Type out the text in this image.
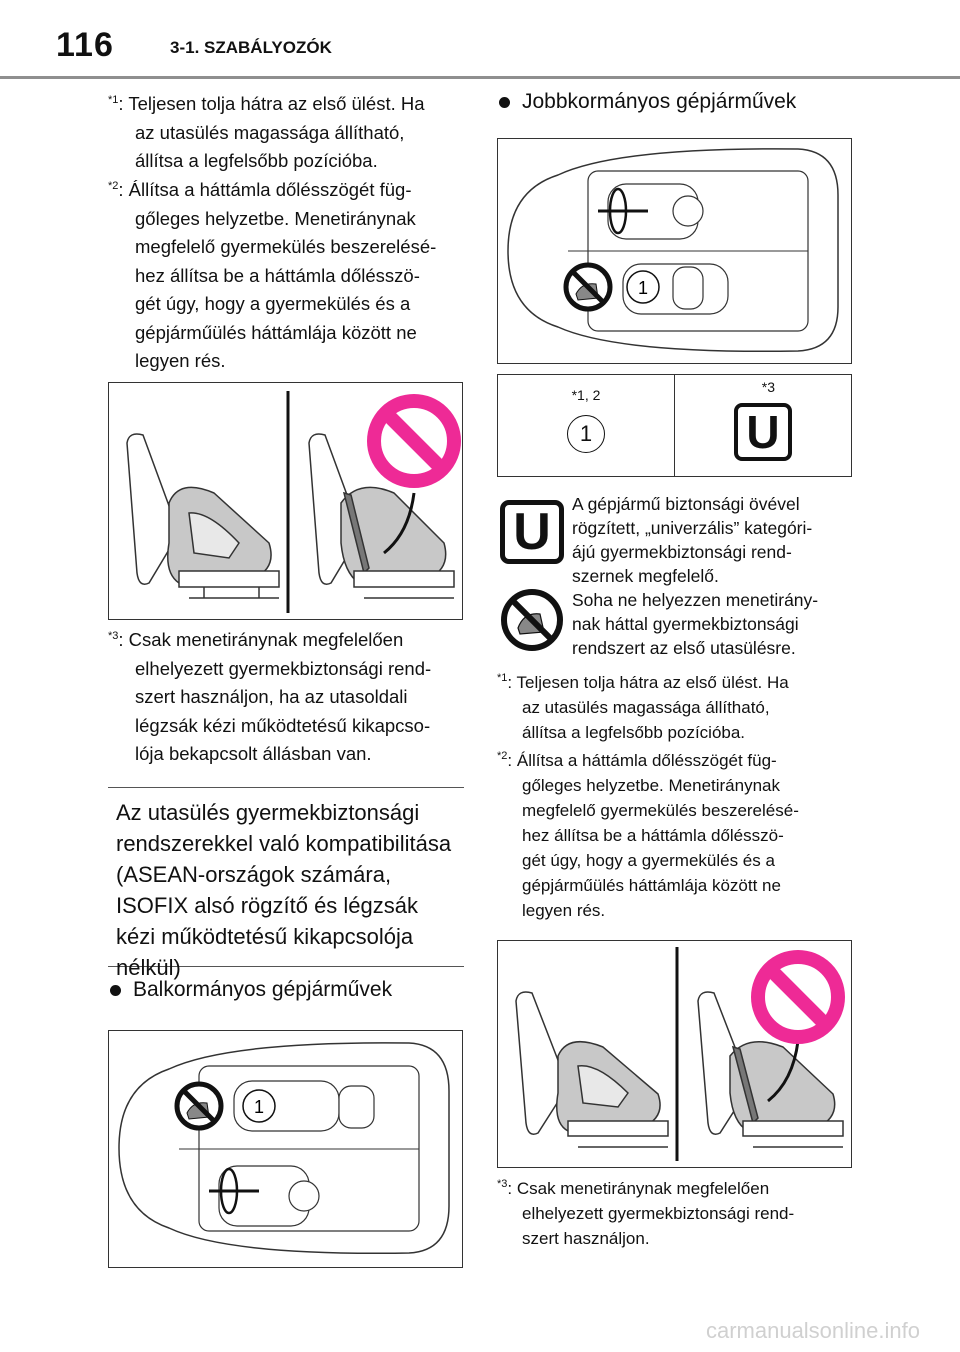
116	3-1. SZABÁLYOZÓK
$^{*1}$ : Teljesen tolja hátra az első ülést. Ha
az utasülés magassága állítható,
állítsa a legfelsőbb pozícióba.
$^{*2}$ : Állítsa a háttámla dőlésszögét füg-
gőleges helyzetbe. Menetiránynak
megfelelő gyermekülés beszerelésé-
hez állítsa be a háttámla dőlésszö-
gét úgy, hogy a gyermekülés és a
gépjárműülés háttámlája között ne
legyen rés.
$^{*3}$ : Csak menetiránynak megfelelően
elhelyezett gyermekbiztonsági rend-
szert használjon, ha az utasoldali
légzsák kézi működtetésű kikapcso-
lója bekapcsolt állásban van.
Az utasülés gyermekbiztonsági
rendszerekkel való kompatibilitása
(ASEAN-országok számára,
ISOFIX alsó rögzítő és légzsák
kézi működtetésű kikapcsolója
nélkül)
Balkormányos gépjárművek
1
Jobbkormányos gépjárművek
1
*1, 2
1
*3
U
U	A gépjármű biztonsági övével
rögzített, „univerzális” kategóri-
ájú gyermekbiztonsági rend-
szernek megfelelő.
Soha ne helyezzen menetirány-
nak háttal gyermekbiztonsági
rendszert az első utasülésre.
$^{*1}$ : Teljesen tolja hátra az első ülést. Ha
az utasülés magassága állítható,
állítsa a legfelsőbb pozícióba.
$^{*2}$ : Állítsa a háttámla dőlésszögét füg-
gőleges helyzetbe. Menetiránynak
megfelelő gyermekülés beszerelésé-
hez állítsa be a háttámla dőlésszö-
gét úgy, hogy a gyermekülés és a
gépjárműülés háttámlája között ne
legyen rés.
$^{*3}$ : Csak menetiránynak megfelelően
elhelyezett gyermekbiztonsági rend-
szert használjon.
carmanualsonline.info
